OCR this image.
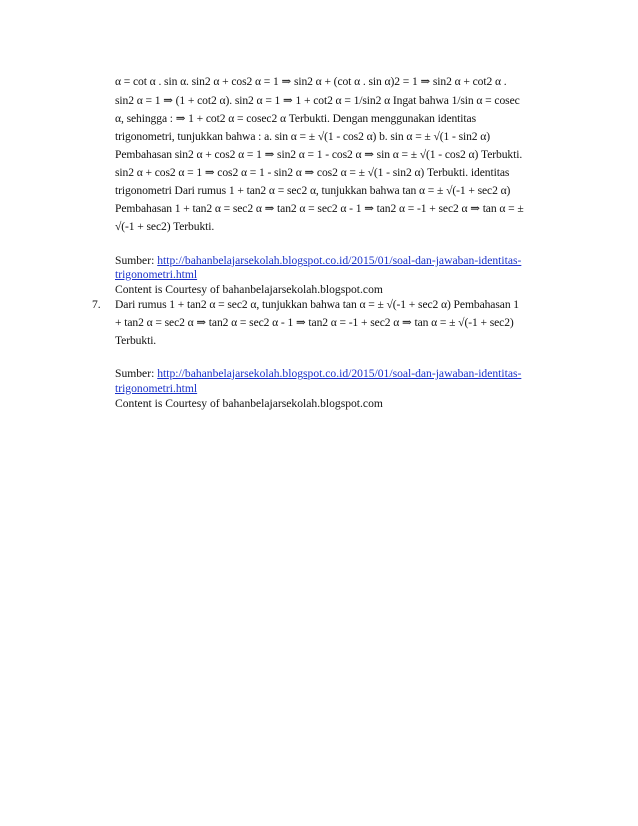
α = cot α . sin α. sin2 α + cos2 α = 1 ⇒ sin2 α + (cot α . sin α)2 = 1 ⇒ sin2 α + cot2 α .
sin2 α = 1 ⇒ (1 + cot2 α). sin2 α = 1 ⇒ 1 + cot2 α = 1/sin2 α Ingat bahwa 1/sin α = cosec
α, sehingga : ⇒ 1 + cot2 α = cosec2 α Terbukti. Dengan menggunakan identitas
trigonometri, tunjukkan bahwa : a. sin α = ± √(1 - cos2 α) b. sin α = ± √(1 - sin2 α)
Pembahasan sin2 α + cos2 α = 1 ⇒ sin2 α = 1 - cos2 α ⇒ sin α = ± √(1 - cos2 α) Terbukti.
sin2 α + cos2 α = 1 ⇒ cos2 α = 1 - sin2 α ⇒ cos2 α = ± √(1 - sin2 α) Terbukti. identitas
trigonometri Dari rumus 1 + tan2 α = sec2 α, tunjukkan bahwa tan α = ± √(-1 + sec2 α)
Pembahasan 1 + tan2 α = sec2 α ⇒ tan2 α = sec2 α - 1 ⇒ tan2 α = -1 + sec2 α ⇒ tan α = ±
√(-1 + sec2) Terbukti.
Sumber: http://bahanbelajarsekolah.blogspot.co.id/2015/01/soal-dan-jawaban-identitas-
trigonometri.html
Content is Courtesy of bahanbelajarsekolah.blogspot.com
7. Dari rumus 1 + tan2 α = sec2 α, tunjukkan bahwa tan α = ± √(-1 + sec2 α) Pembahasan 1
+ tan2 α = sec2 α ⇒ tan2 α = sec2 α - 1 ⇒ tan2 α = -1 + sec2 α ⇒ tan α = ± √(-1 + sec2)
Terbukti.
Sumber: http://bahanbelajarsekolah.blogspot.co.id/2015/01/soal-dan-jawaban-identitas-
trigonometri.html
Content is Courtesy of bahanbelajarsekolah.blogspot.com
